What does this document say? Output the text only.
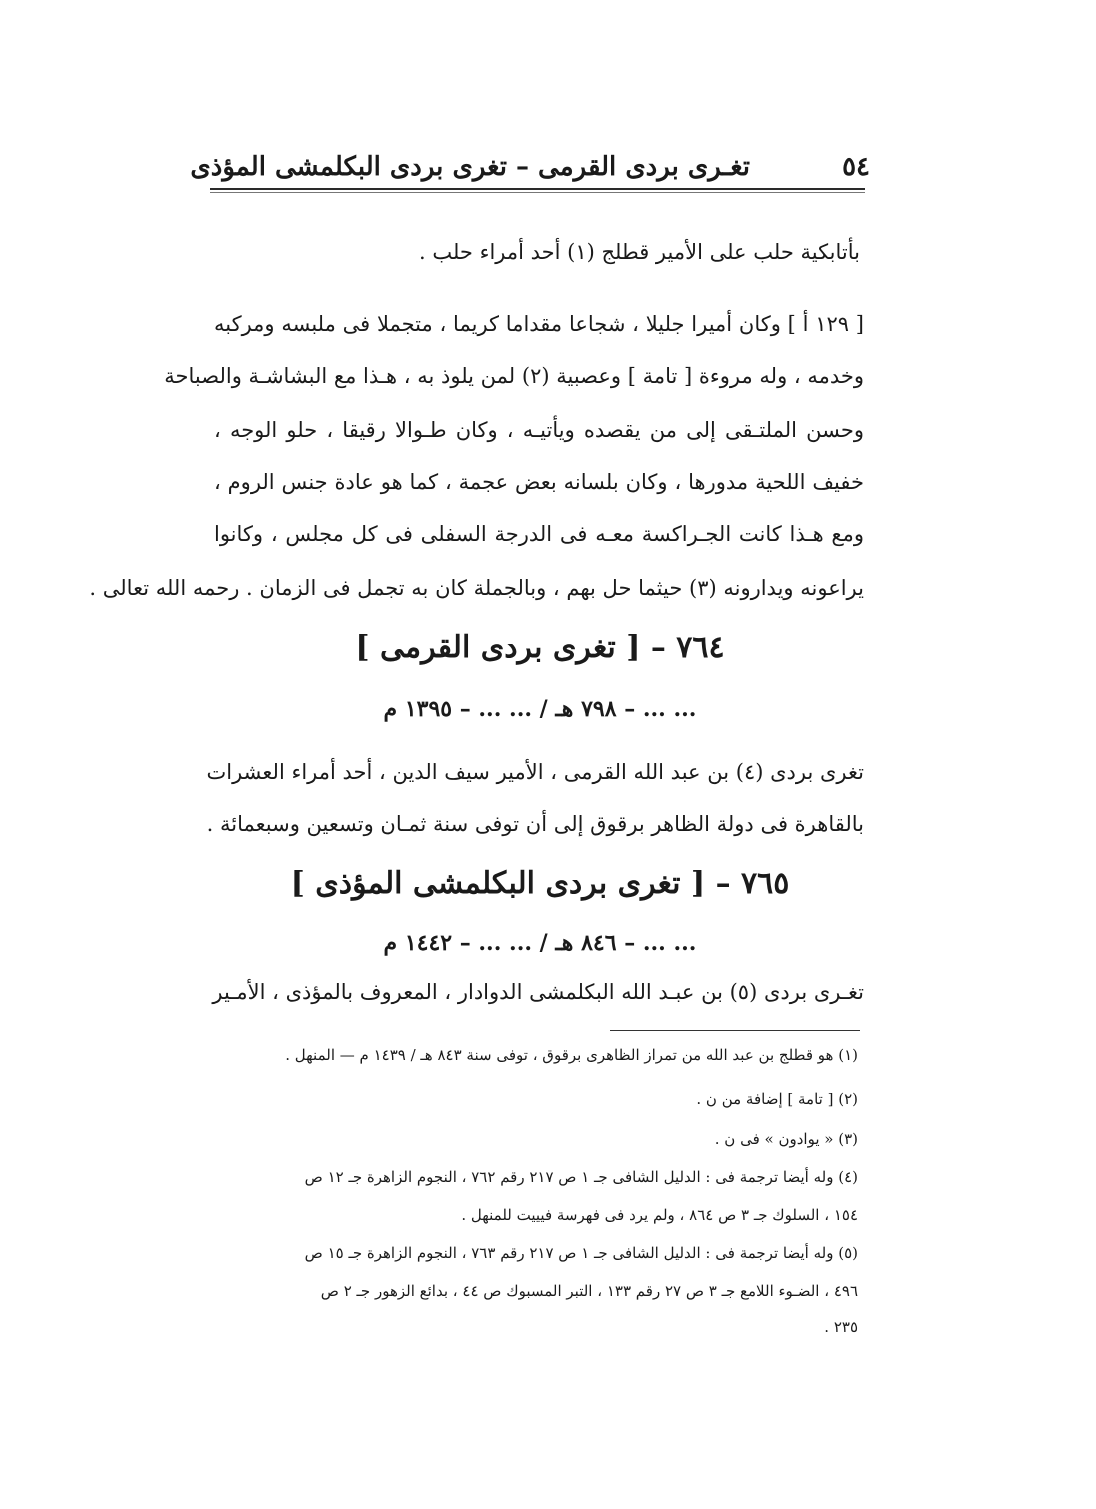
٥٤
تغـرى بردى القرمى – تغرى بردى البكلمشى المؤذى
بأتابكية حلب على الأمير قطلج (١) أحد أمراء حلب .
[ ١٢٩ أ ] وكان أميرا جليلا ، شجاعا مقداما كريما ، متجملا فى ملبسه ومركبه
وخدمه ، وله مروءة [ تامة ] وعصبية (٢) لمن يلوذ به ، هـذا مع البشاشـة والصباحة
وحسن الملتـقى إلى من يقصده ويأتيـه ، وكان طـوالا رقيقا ، حلو الوجه ،
خفيف اللحية مدورها ، وكان بلسانه بعض عجمة ، كما هو عادة جنس الروم ،
ومع هـذا كانت الجـراكسة معـه فى الدرجة السفلى فى كل مجلس ، وكانوا
يراعونه ويدارونه (٣) حيثما حل بهم ، وبالجملة كان به تجمل فى الزمان . رحمه الله تعالى .
٧٦٤ – [ تغرى بردى القرمى ]
... ... – ٧٩٨ هـ / ... ... – ١٣٩٥ م
تغرى بردى (٤) بن عبد الله القرمى ، الأمير سيف الدين ، أحد أمراء العشرات
بالقاهرة فى دولة الظاهر برقوق إلى أن توفى سنة ثمـان وتسعين وسبعمائة .
٧٦٥ – [ تغرى بردى البكلمشى المؤذى ]
... ... – ٨٤٦ هـ / ... ... – ١٤٤٢ م
تغـرى بردى (٥) بن عبـد الله البكلمشى الدوادار ، المعروف بالمؤذى ، الأمـير
(١) هو قطلج بن عبد الله من تمراز الظاهرى برقوق ، توفى سنة ٨٤٣ هـ / ١٤٣٩ م — المنهل .
(٢) [ تامة ] إضافة من ن .
(٣) « يوادون » فى ن .
(٤) وله أيضا ترجمة فى : الدليل الشافى جـ ١ ص ٢١٧ رقم ٧٦٢ ، النجوم الزاهرة جـ ١٢ ص
١٥٤ ، السلوك جـ ٣ ص ٨٦٤ ، ولم يرد فى فهرسة فيييت للمنهل .
(٥) وله أيضا ترجمة فى : الدليل الشافى جـ ١ ص ٢١٧ رقم ٧٦٣ ، النجوم الزاهرة جـ ١٥ ص
٤٩٦ ، الضـوء اللامع جـ ٣ ص ٢٧ رقم ١٣٣ ، التبر المسبوك ص ٤٤ ، بدائع الزهور جـ ٢ ص
٢٣٥ .
